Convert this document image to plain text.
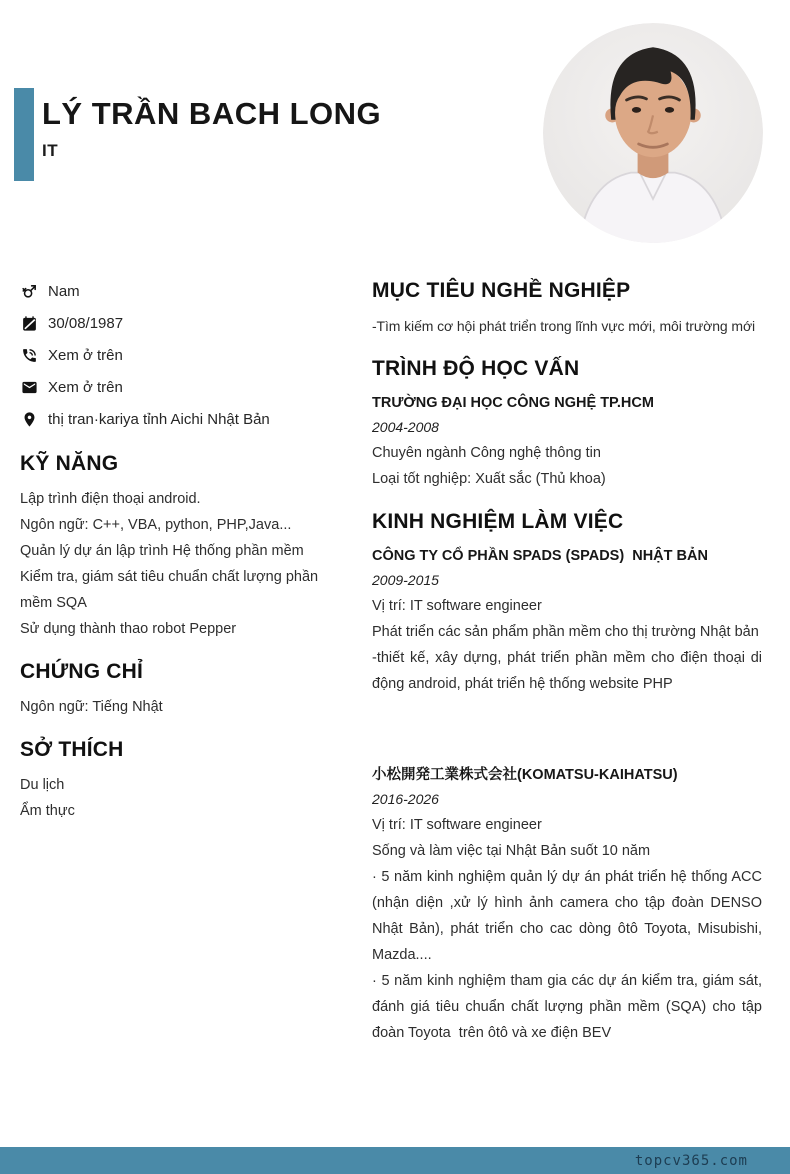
LÝ TRẦN BACH LONG
IT
Nam
30/08/1987
Xem ở trên
Xem ở trên
thị tran·kariya tỉnh Aichi Nhật Bản
KỸ NĂNG

Lập trình điện thoại android.

Ngôn ngữ: C++, VBA, python, PHP,Java...

Quản lý dự án lập trình Hệ thống phần mềm

Kiểm tra, giám sát tiêu chuẩn chất lượng phần mềm SQA

Sử dụng thành thao robot Pepper

CHỨNG CHỈ

Ngôn ngữ: Tiếng Nhật

SỞ THÍCH

Du lịch

Ẩm thực

MỤC TIÊU NGHỀ NGHIỆP

-Tìm kiếm cơ hội phát triển trong lĩnh vực mới, môi trường mới

TRÌNH ĐỘ HỌC VẤN
TRƯỜNG ĐẠI HỌC CÔNG NGHỆ TP.HCM
2004-2008

Chuyên ngành Công nghệ thông tin

Loại tốt nghiệp: Xuất sắc (Thủ khoa)

KINH NGHIỆM LÀM VIỆC
CÔNG TY CỔ PHẦN SPADS (SPADS)  NHẬT BẢN
2009-2015

Vị trí: IT software engineer

Phát triển các sản phẩm phần mềm cho thị trường Nhật bản

-thiết kế, xây dựng, phát triển phần mềm cho điện thoại di động android, phát triển hệ thống website PHP

小松開発工業株式会社(KOMATSU-KAIHATSU)
2016-2026

Vị trí: IT software engineer

Sống và làm việc tại Nhật Bản suốt 10 năm

· 5 năm kinh nghiệm quản lý dự án phát triển hệ thống ACC (nhận diện ,xử lý hình ảnh camera cho tập đoàn DENSO Nhật Bản), phát triển cho cac dòng ôtô Toyota, Misubishi, Mazda....

· 5 năm kinh nghiệm tham gia các dự án kiểm tra, giám sát, đánh giá tiêu chuẩn chất lượng phần mềm (SQA) cho tập đoàn Toyota  trên ôtô và xe điện BEV

topcv365.com
